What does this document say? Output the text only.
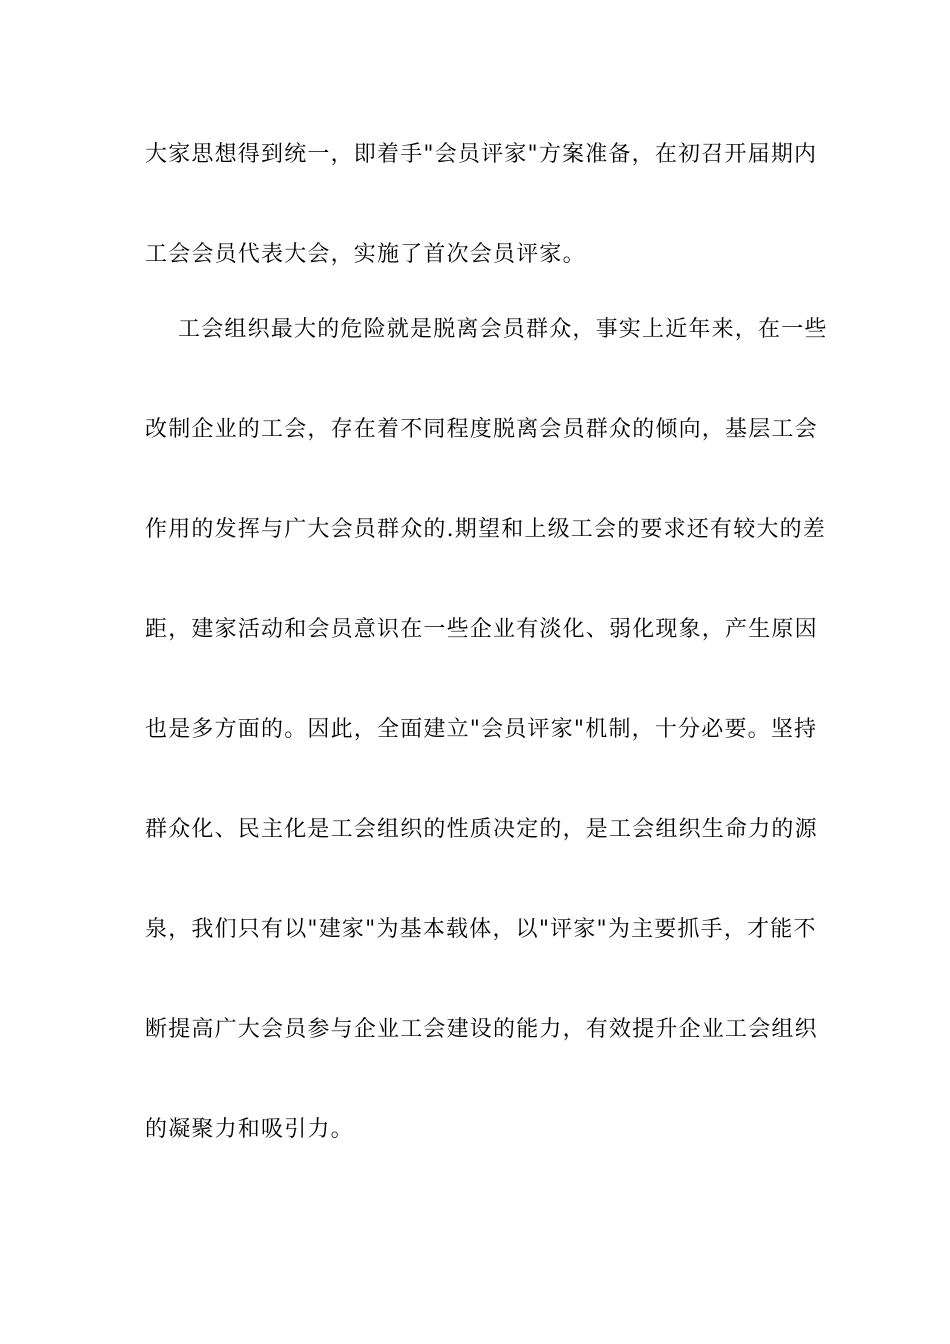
大家思想得到统一，即着手"会员评家"方案准备，在初召开届期内
工会会员代表大会，实施了首次会员评家。
工会组织最大的危险就是脱离会员群众，事实上近年来，在一些
改制企业的工会，存在着不同程度脱离会员群众的倾向，基层工会
作用的发挥与广大会员群众的.期望和上级工会的要求还有较大的差
距，建家活动和会员意识在一些企业有淡化、弱化现象，产生原因
也是多方面的。因此，全面建立"会员评家"机制，十分必要。坚持
群众化、民主化是工会组织的性质决定的，是工会组织生命力的源
泉，我们只有以"建家"为基本载体，以"评家"为主要抓手，才能不
断提高广大会员参与企业工会建设的能力，有效提升企业工会组织
的凝聚力和吸引力。
